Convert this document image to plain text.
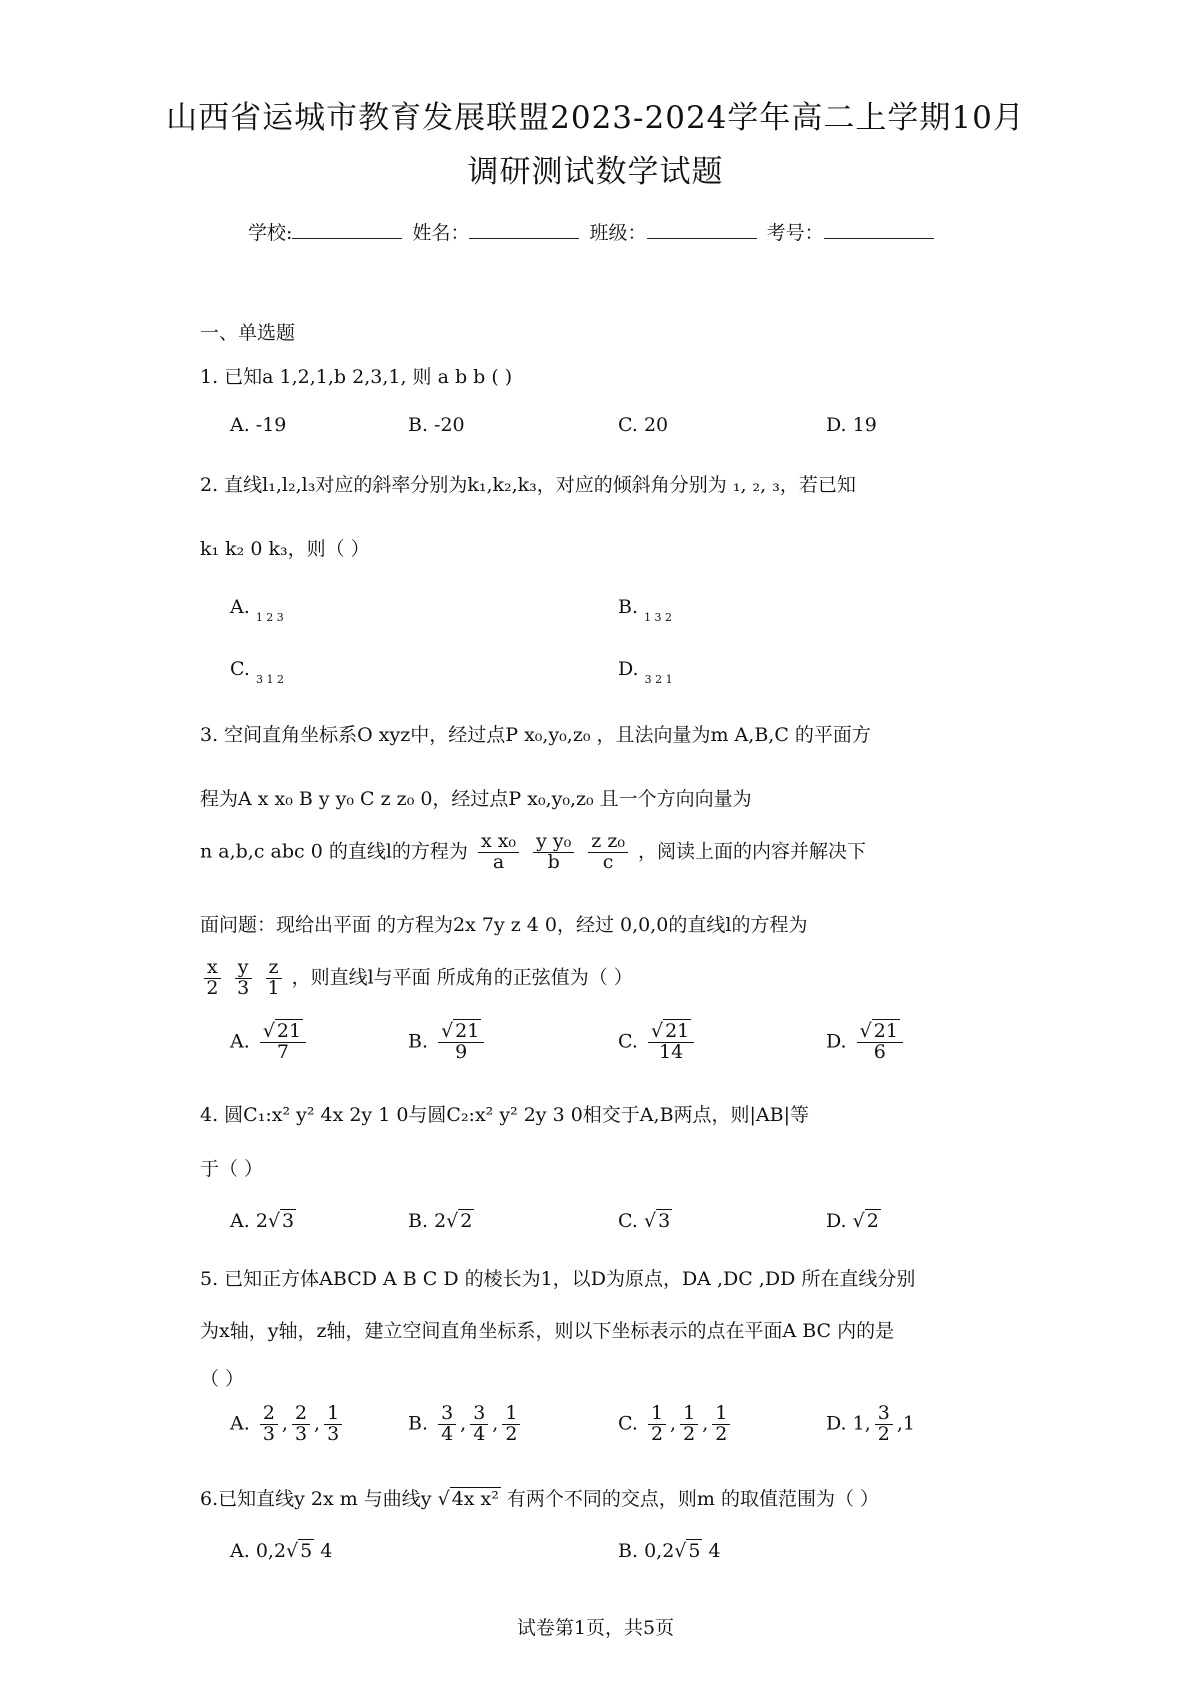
山西省运城市教育发展联盟2023-2024学年高二上学期10月
调研测试数学试题
学校:	姓名：	班级：	考号：
一、单选题
1. 已知a 1,2,1,b 2,3,1, 则 a b b ( )
A. -19	B. -20	C. 20	D. 19
2. 直线l₁,l₂,l₃对应的斜率分别为k₁,k₂,k₃，对应的倾斜角分别为 ₁, ₂, ₃，若已知
k₁ k₂ 0 k₃，则（ ）
A. $_{1 2 3}$	B. $_{1 3 2}$
C. $_{3 1 2}$	D. $_{3 2 1}$
3. 空间直角坐标系O xyz中，经过点P x₀,y₀,z₀ ，且法向量为m A,B,C 的平面方
程为A x x₀ B y y₀ C z z₀ 0，经过点P x₀,y₀,z₀ 且一个方向向量为
n a,b,c abc 0 的直线l的方程为 $\frac{\text{x x₀}}{a}$
$\frac{\text{y y₀}}{b}$
$\frac{\text{z z₀}}{c}$ ，阅读上面的内容并解决下
面问题：现给出平面 的方程为2x 7y z 4 0，经过 0,0,0的直线l的方程为
$\frac{x}{2}$
$\frac{y}{3}$
$\frac{z}{1}$ ，则直线l与平面 所成角的正弦值为（ ）
A. $\frac{√ 21}{7}$	B. $\frac{√ 21}{9}$	C. $\frac{√ 21}{14}$	D. $\frac{√ 21}{6}$
4. 圆C₁:x² y² 4x 2y 1 0与圆C₂:x² y² 2y 3 0相交于A,B两点，则|AB|等
于（ ）
A. 2√ 3	B. 2√ 2	C. √ 3	D. √ 2
5. 已知正方体ABCD A B C D 的棱长为1，以D为原点，DA ,DC ,DD 所在直线分别
为x轴，y轴，z轴，建立空间直角坐标系，则以下坐标表示的点在平面A BC 内的是
（ ）
A. $\frac{2}{3}$ , $\frac{2}{3}$ , $\frac{1}{3}$	B. $\frac{3}{4}$ , $\frac{3}{4}$ , $\frac{1}{2}$	C. $\frac{1}{2}$ , $\frac{1}{2}$ , $\frac{1}{2}$	D. 1, $\frac{3}{2} ,1$
6.已知直线y 2x m 与曲线y √ 4x x² 有两个不同的交点，则m 的取值范围为（ ）
A. 0,2√ 5 4	B. 0,2√ 5 4
试卷第1页，共5页
